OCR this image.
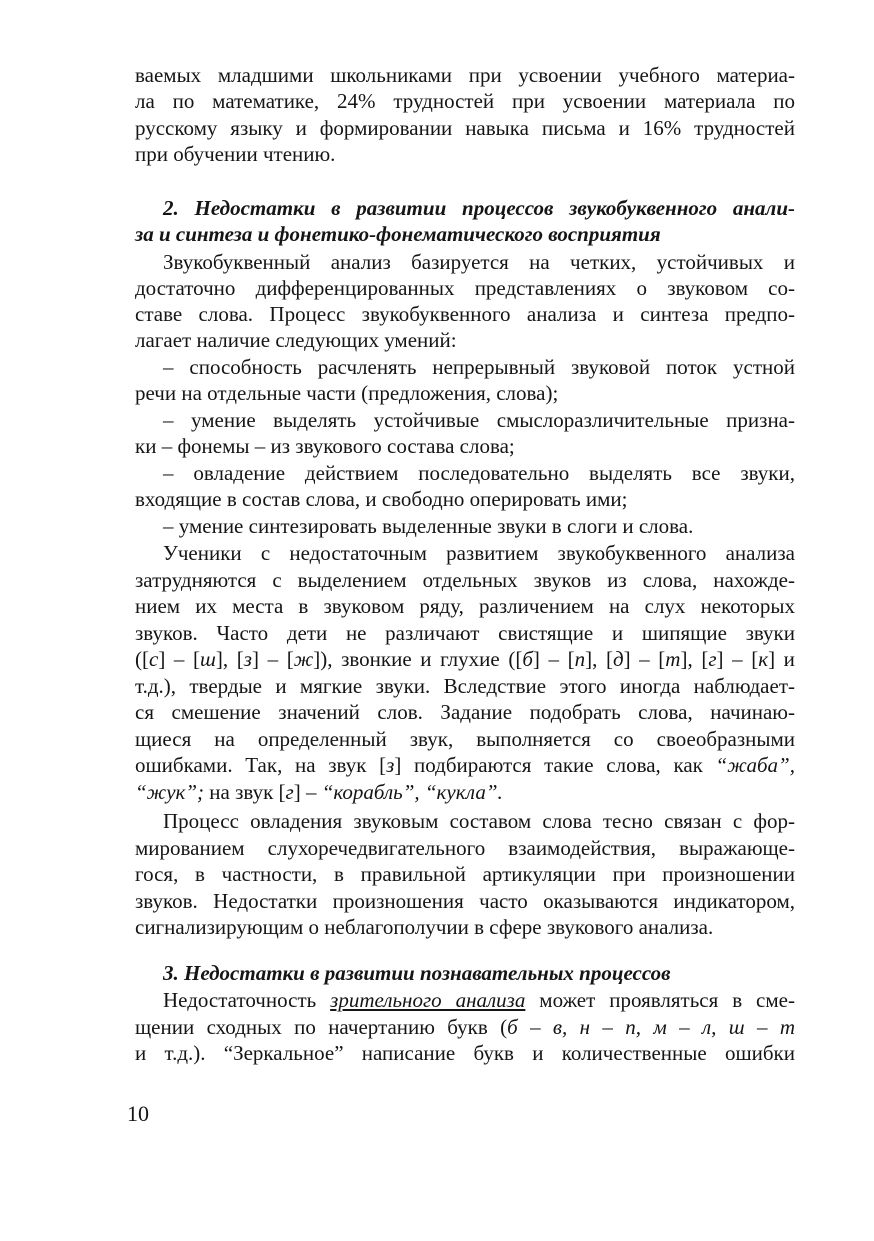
ваемых младшими школьниками при усвоении учебного материа-
ла по математике, 24% трудностей при усвоении материала по
русскому языку и формировании навыка письма и 16% трудностей
при обучении чтению.
2. Недостатки в развитии процессов звукобуквенного анали-
за и синтеза и фонетико-фонематического восприятия
Звукобуквенный анализ базируется на четких, устойчивых и
достаточно дифференцированных представлениях о звуковом со-
ставе слова. Процесс звукобуквенного анализа и синтеза предпо-
лагает наличие следующих умений:
– способность расчленять непрерывный звуковой поток устной
речи на отдельные части (предложения, слова);
– умение выделять устойчивые смыслоразличительные призна-
ки – фонемы – из звукового состава слова;
– овладение действием последовательно выделять все звуки,
входящие в состав слова, и свободно оперировать ими;
– умение синтезировать выделенные звуки в слоги и слова.
Ученики с недостаточным развитием звукобуквенного анализа
затрудняются с выделением отдельных звуков из слова, нахожде-
нием их места в звуковом ряду, различением на слух некоторых
звуков. Часто дети не различают свистящие и шипящие звуки
([с] – [ш], [з] – [ж]), звонкие и глухие ([б] – [п], [д] – [т], [г] – [к] и
т.д.), твердые и мягкие звуки. Вследствие этого иногда наблюдает-
ся смешение значений слов. Задание подобрать слова, начинаю-
щиеся на определенный звук, выполняется со своеобразными
ошибками. Так, на звук [з] подбираются такие слова, как “жаба”,
“жук”; на звук [г] – “корабль”, “кукла”.
Процесс овладения звуковым составом слова тесно связан с фор-
мированием слухоречедвигательного взаимодействия, выражающе-
гося, в частности, в правильной артикуляции при произношении
звуков. Недостатки произношения часто оказываются индикатором,
сигнализирующим о неблагополучии в сфере звукового анализа.
3. Недостатки в развитии познавательных процессов
Недостаточность зрительного анализа может проявляться в сме-
щении сходных по начертанию букв (б – в, н – п, м – л, ш – т
и т.д.). “Зеркальное” написание букв и количественные ошибки
10
